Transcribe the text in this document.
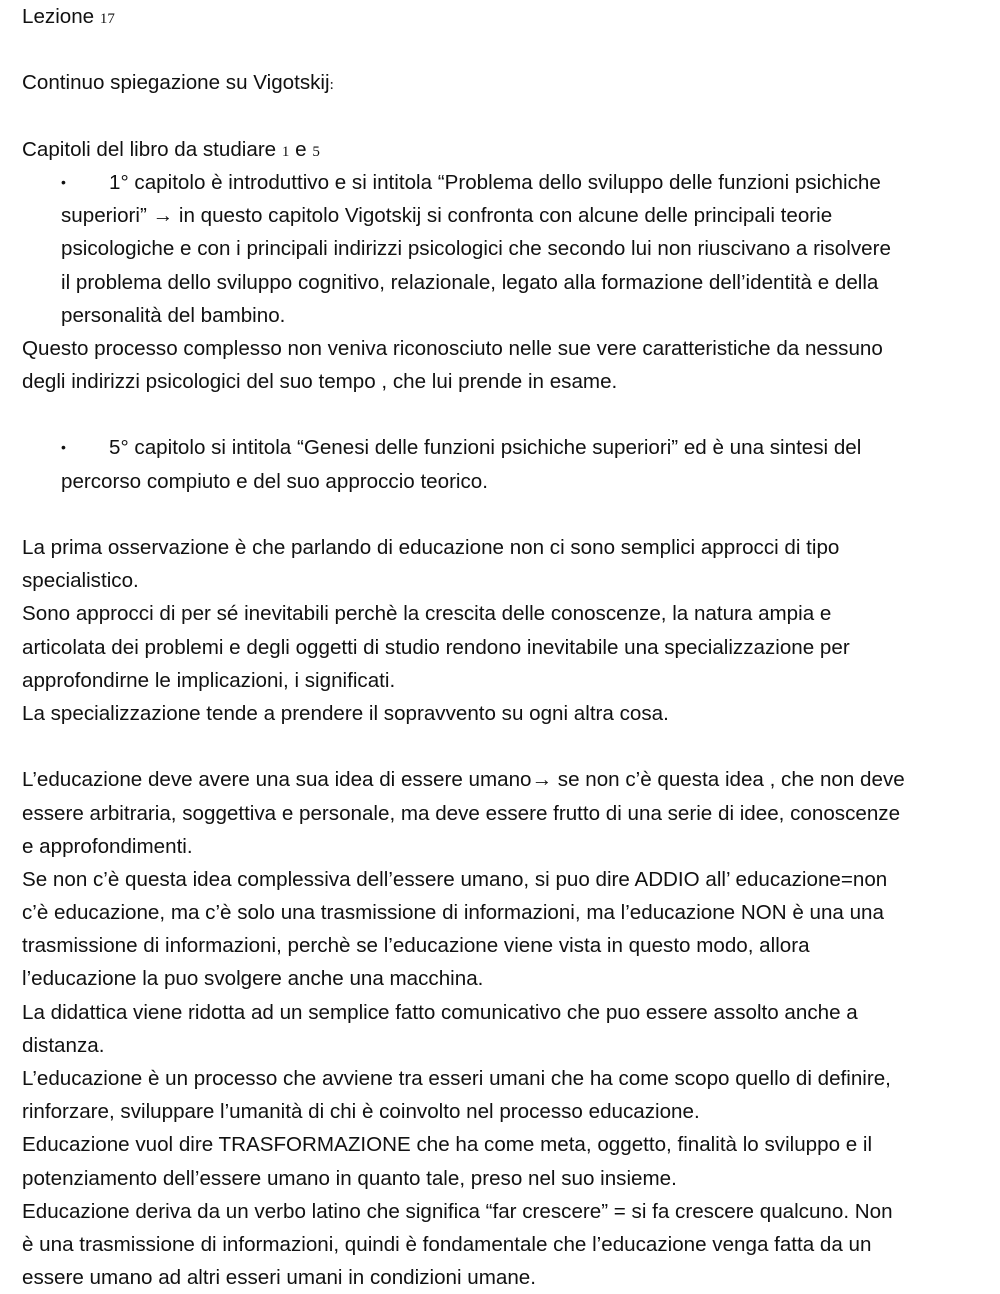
Lezione 17
Continuo spiegazione su Vigotskij:
Capitoli del libro da studiare 1 e 5
• 1° capitolo è introduttivo e si intitola “Problema dello sviluppo delle funzioni psichiche
superiori” → in questo capitolo Vigotskij si confronta con alcune delle principali teorie
psicologiche e con i principali indirizzi psicologici che secondo lui non riuscivano a risolvere
il problema dello sviluppo cognitivo, relazionale, legato alla formazione dell’identità e della
personalità del bambino.
Questo processo complesso non veniva riconosciuto nelle sue vere caratteristiche da nessuno
degli indirizzi psicologici del suo tempo , che lui prende in esame.
• 5° capitolo si intitola “Genesi delle funzioni psichiche superiori” ed è una sintesi del
percorso compiuto e del suo approccio teorico.
La prima osservazione è che parlando di educazione non ci sono semplici approcci di tipo
specialistico.
Sono approcci di per sé inevitabili perchè la crescita delle conoscenze, la natura ampia e
articolata dei problemi e degli oggetti di studio rendono inevitabile una specializzazione per
approfondirne le implicazioni, i significati.
La specializzazione tende a prendere il sopravvento su ogni altra cosa.
L’educazione deve avere una sua idea di essere umano→ se non c’è questa idea , che non deve
essere arbitraria, soggettiva e personale, ma deve essere frutto di una serie di idee, conoscenze
e approfondimenti.
Se non c’è questa idea complessiva dell’essere umano, si puo dire ADDIO all’ educazione=non
c’è educazione, ma c’è solo una trasmissione di informazioni, ma l’educazione NON è una una
trasmissione di informazioni, perchè se l’educazione viene vista in questo modo, allora
l’educazione la puo svolgere anche una macchina.
La didattica viene ridotta ad un semplice fatto comunicativo che puo essere assolto anche a
distanza.
L’educazione è un processo che avviene tra esseri umani che ha come scopo quello di definire,
rinforzare, sviluppare l’umanità di chi è coinvolto nel processo educazione.
Educazione vuol dire TRASFORMAZIONE che ha come meta, oggetto, finalità lo sviluppo e il
potenziamento dell’essere umano in quanto tale, preso nel suo insieme.
Educazione deriva da un verbo latino che significa “far crescere” = si fa crescere qualcuno. Non
è una trasmissione di informazioni, quindi è fondamentale che l’educazione venga fatta da un
essere umano ad altri esseri umani in condizioni umane.
